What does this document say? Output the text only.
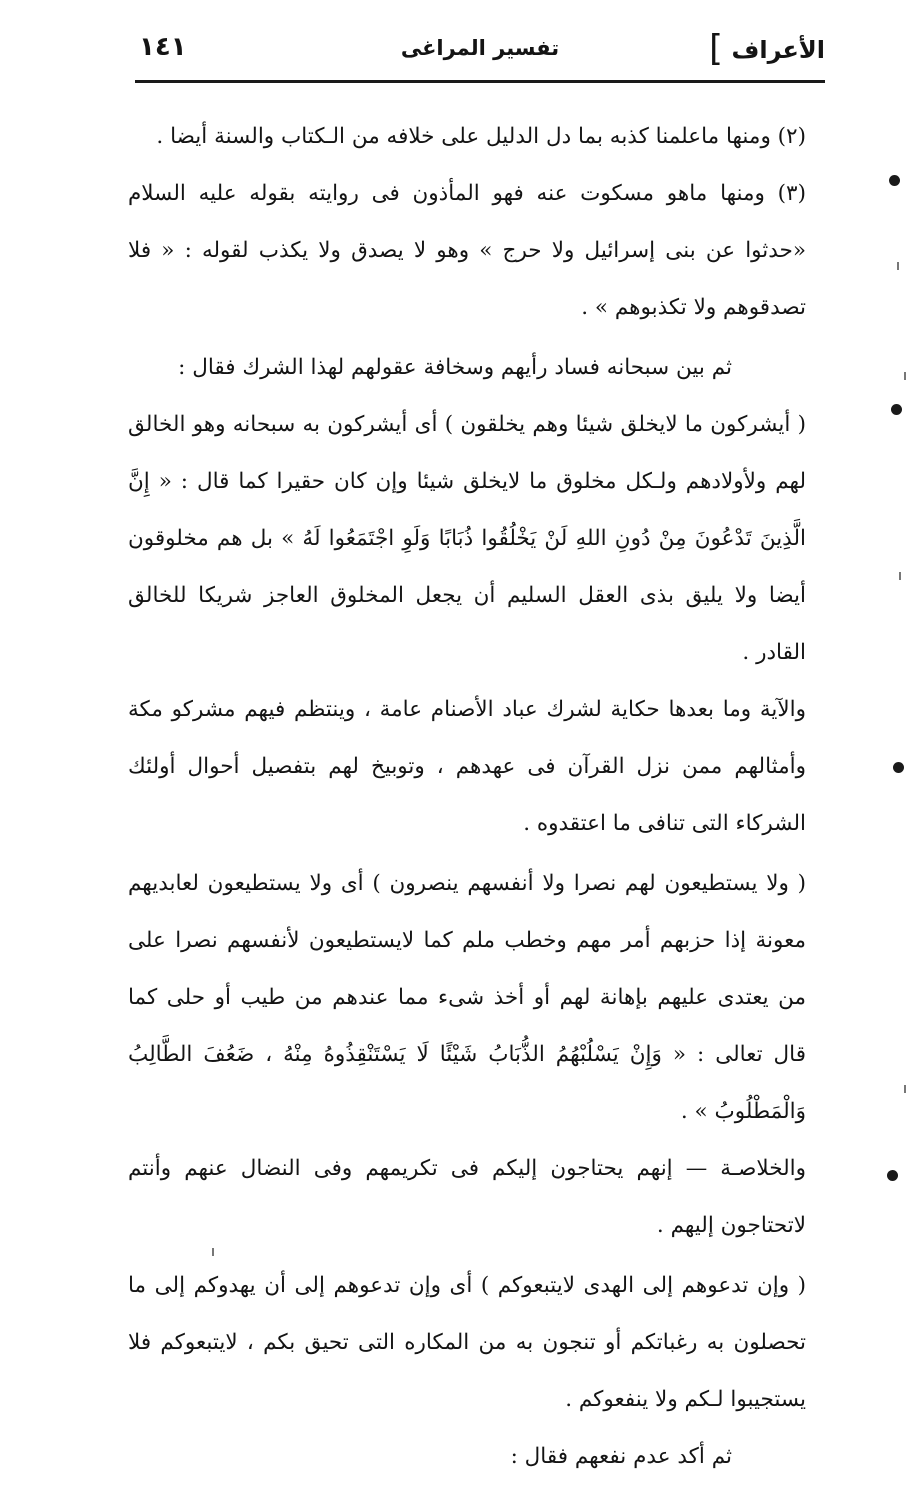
الأعراف
]
تفسير المراغى
١٤١

(٢) ومنها ماعلمنا كذبه بما دل الدليل على خلافه من الـكتاب والسنة أيضا .

(٣) ومنها ماهو مسكوت عنه فهو المأذون فى روايته بقوله عليه السلام «حدثوا عن بنى إسرائيل ولا حرج » وهو لا يصدق ولا يكذب لقوله : « فلا تصدقوهم ولا تكذبوهم » .

ثم بين سبحانه فساد رأيهم وسخافة عقولهم لهذا الشرك فقال :

( أيشركون ما لايخلق شيئا وهم يخلقون ) أى أيشركون به سبحانه وهو الخالق لهم ولأولادهم ولـكل مخلوق ما لايخلق شيئا وإن كان حقيرا كما قال : « إِنَّ الَّذِينَ تَدْعُونَ مِنْ دُونِ اللهِ لَنْ يَخْلُقُوا ذُبَابًا وَلَوِ اجْتَمَعُوا لَهُ » بل هم مخلوقون أيضا ولا يليق بذى العقل السليم أن يجعل المخلوق العاجز شريكا للخالق القادر .

والآية وما بعدها حكاية لشرك عباد الأصنام عامة ، وينتظم فيهم مشركو مكة وأمثالهم ممن نزل القرآن فى عهدهم ، وتوبيخ لهم بتفصيل أحوال أولئك الشركاء التى تنافى ما اعتقدوه .

( ولا يستطيعون لهم نصرا ولا أنفسهم ينصرون ) أى ولا يستطيعون لعابديهم معونة إذا حزبهم أمر مهم وخطب ملم كما لايستطيعون لأنفسهم نصرا على من يعتدى عليهم بإهانة لهم أو أخذ شىء مما عندهم من طيب أو حلى كما قال تعالى : « وَإِنْ يَسْلُبْهُمُ الذُّبَابُ شَيْئًا لَا يَسْتَنْقِذُوهُ مِنْهُ ، ضَعُفَ الطَّالِبُ وَالْمَطْلُوبُ » .

والخلاصـة — إنهم يحتاجون إليكم فى تكريمهم وفى النضال عنهم وأنتم لاتحتاجون إليهم .

( وإن تدعوهم إلى الهدى لايتبعوكم ) أى وإن تدعوهم إلى أن يهدوكم إلى ما تحصلون به رغباتكم أو تنجون به من المكاره التى تحيق بكم ، لايتبعوكم فلا يستجيبوا لـكم ولا ينفعوكم .

ثم أكد عدم نفعهم فقال :
